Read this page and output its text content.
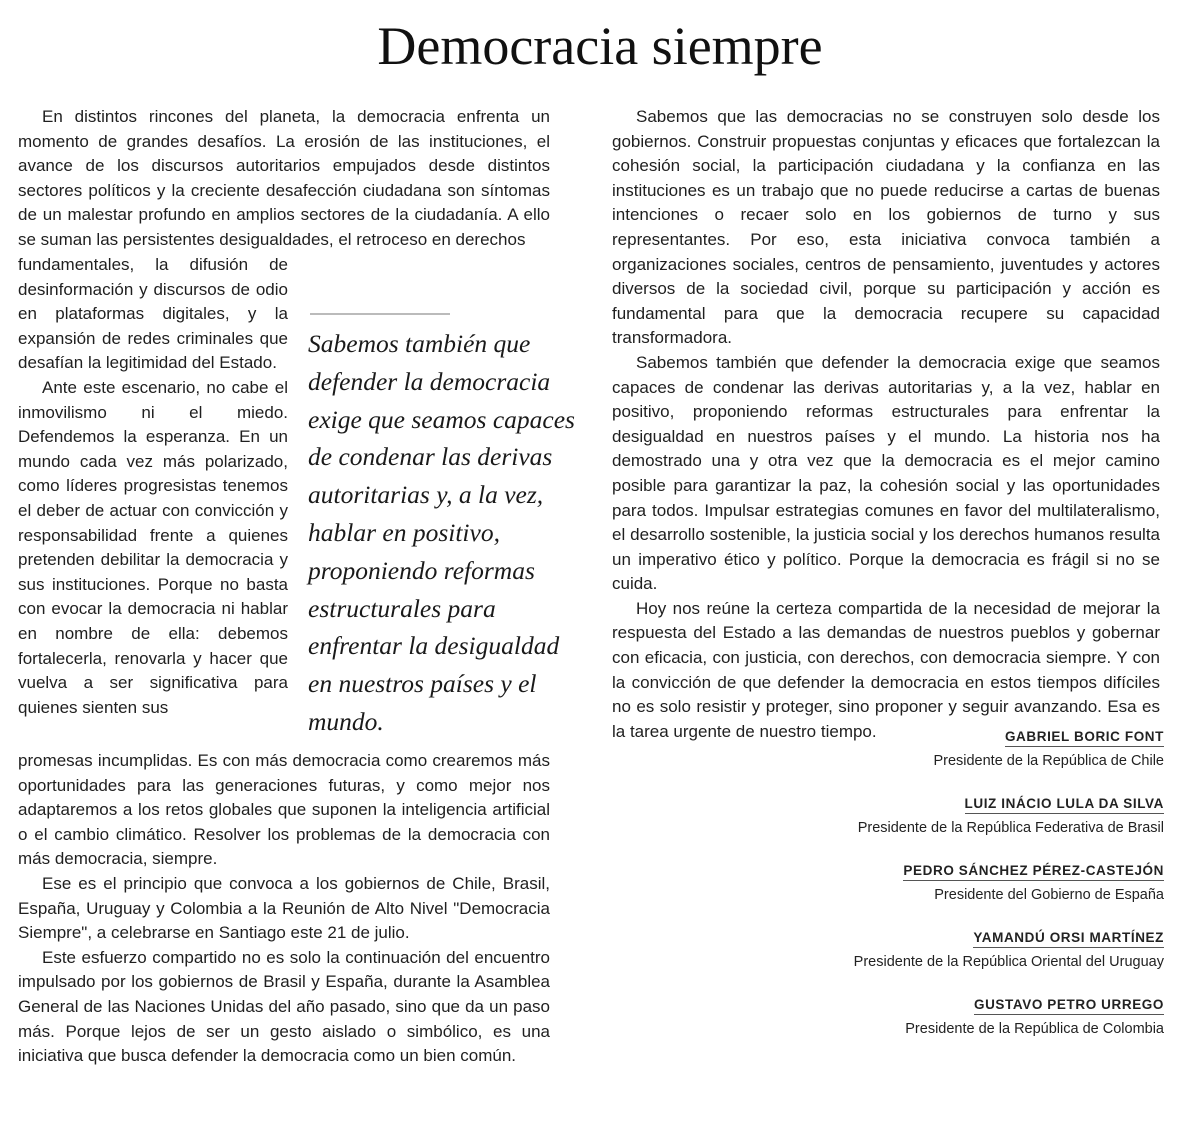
Democracia siempre

En distintos rincones del planeta, la democracia enfrenta un momento de grandes desafíos. La erosión de las instituciones, el avance de los discursos autoritarios empujados desde distintos sectores políticos y la creciente desafección ciudadana son síntomas de un malestar profundo en amplios sectores de la ciudadanía. A ello se suman las persistentes desigualdades, el retroceso en derechos

fundamentales, la difusión de desinformación y discursos de odio en plataformas digitales, y la expansión de redes criminales que desafían la legitimidad del Estado.

Ante este escenario, no cabe el inmovilismo ni el miedo. Defendemos la esperanza. En un mundo cada vez más polarizado, como líderes progresistas tenemos el deber de actuar con convicción y responsabilidad frente a quienes pretenden debilitar la democracia y sus instituciones. Porque no basta con evocar la democracia ni hablar en nombre de ella: debemos fortalecerla, renovarla y hacer que vuelva a ser significativa para quienes sienten sus

Sabemos también que defender la democracia exige que seamos capaces de condenar las derivas autoritarias y, a la vez, hablar en positivo, proponiendo reformas estructurales para enfrentar la desigualdad en nuestros países y el mundo.

promesas incumplidas. Es con más democracia como crearemos más oportunidades para las generaciones futuras, y como mejor nos adaptaremos a los retos globales que suponen la inteligencia artificial o el cambio climático. Resolver los problemas de la democracia con más democracia, siempre.

Ese es el principio que convoca a los gobiernos de Chile, Brasil, España, Uruguay y Colombia a la Reunión de Alto Nivel "Democracia Siempre", a celebrarse en Santiago este 21 de julio.

Este esfuerzo compartido no es solo la continuación del encuentro impulsado por los gobiernos de Brasil y España, durante la Asamblea General de las Naciones Unidas del año pasado, sino que da un paso más. Porque lejos de ser un gesto aislado o simbólico, es una iniciativa que busca defender la democracia como un bien común.

Sabemos que las democracias no se construyen solo desde los gobiernos. Construir propuestas conjuntas y eficaces que fortalezcan la cohesión social, la participación ciudadana y la confianza en las instituciones es un trabajo que no puede reducirse a cartas de buenas intenciones o recaer solo en los gobiernos de turno y sus representantes. Por eso, esta iniciativa convoca también a organizaciones sociales, centros de pensamiento, juventudes y actores diversos de la sociedad civil, porque su participación y acción es fundamental para que la democracia recupere su capacidad transformadora.

Sabemos también que defender la democracia exige que seamos capaces de condenar las derivas autoritarias y, a la vez, hablar en positivo, proponiendo reformas estructurales para enfrentar la desigualdad en nuestros países y el mundo. La historia nos ha demostrado una y otra vez que la democracia es el mejor camino posible para garantizar la paz, la cohesión social y las oportunidades para todos. Impulsar estrategias comunes en favor del multilateralismo, el desarrollo sostenible, la justicia social y los derechos humanos resulta un imperativo ético y político. Porque la democracia es frágil si no se cuida.

Hoy nos reúne la certeza compartida de la necesidad de mejorar la respuesta del Estado a las demandas de nuestros pueblos y gobernar con eficacia, con justicia, con derechos, con democracia siempre. Y con la convicción de que defender la democracia en estos tiempos difíciles no es solo resistir y proteger, sino proponer y seguir avanzando. Esa es la tarea urgente de nuestro tiempo.	GABRIEL BORIC FONT
Presidente de la República de Chile
LUIZ INÁCIO LULA DA SILVA
Presidente de la República Federativa de Brasil
PEDRO SÁNCHEZ PÉREZ-CASTEJÓN
Presidente del Gobierno de España
YAMANDÚ ORSI MARTÍNEZ
Presidente de la República Oriental del Uruguay
GUSTAVO PETRO URREGO
Presidente de la República de Colombia
